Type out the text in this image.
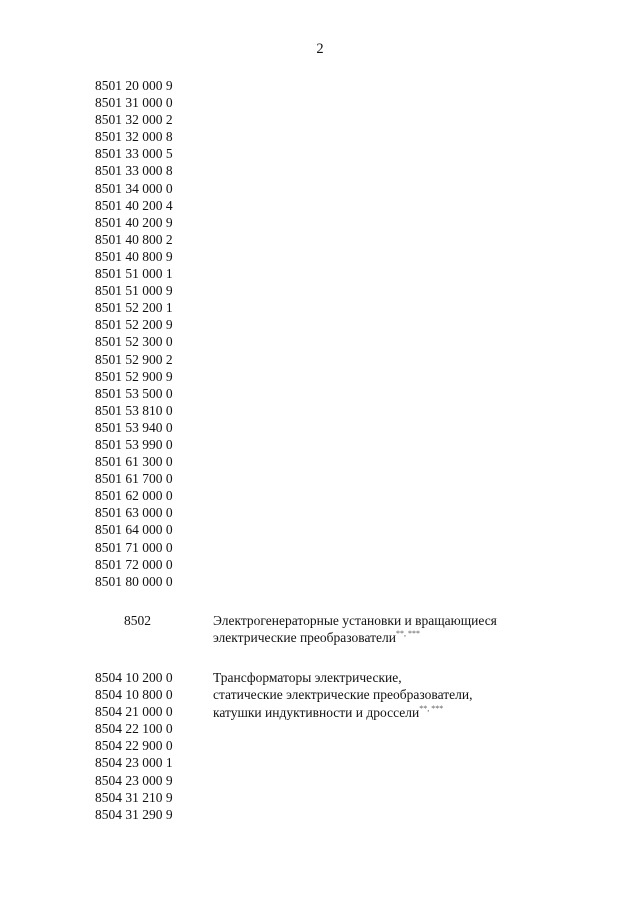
2
8501 20 000 9
8501 31 000 0
8501 32 000 2
8501 32 000 8
8501 33 000 5
8501 33 000 8
8501 34 000 0
8501 40 200 4
8501 40 200 9
8501 40 800 2
8501 40 800 9
8501 51 000 1
8501 51 000 9
8501 52 200 1
8501 52 200 9
8501 52 300 0
8501 52 900 2
8501 52 900 9
8501 53 500 0
8501 53 810 0
8501 53 940 0
8501 53 990 0
8501 61 300 0
8501 61 700 0
8501 62 000 0
8501 63 000 0
8501 64 000 0
8501 71 000 0
8501 72 000 0
8501 80 000 0
8502	Электрогенераторные установки и вращающиеся
электрические преобразователи**, ***
8504 10 200 0
8504 10 800 0
8504 21 000 0
8504 22 100 0
8504 22 900 0
8504 23 000 1
8504 23 000 9
8504 31 210 9
8504 31 290 9
Трансформаторы электрические,
статические электрические преобразователи,
катушки индуктивности и дроссели**, ***
